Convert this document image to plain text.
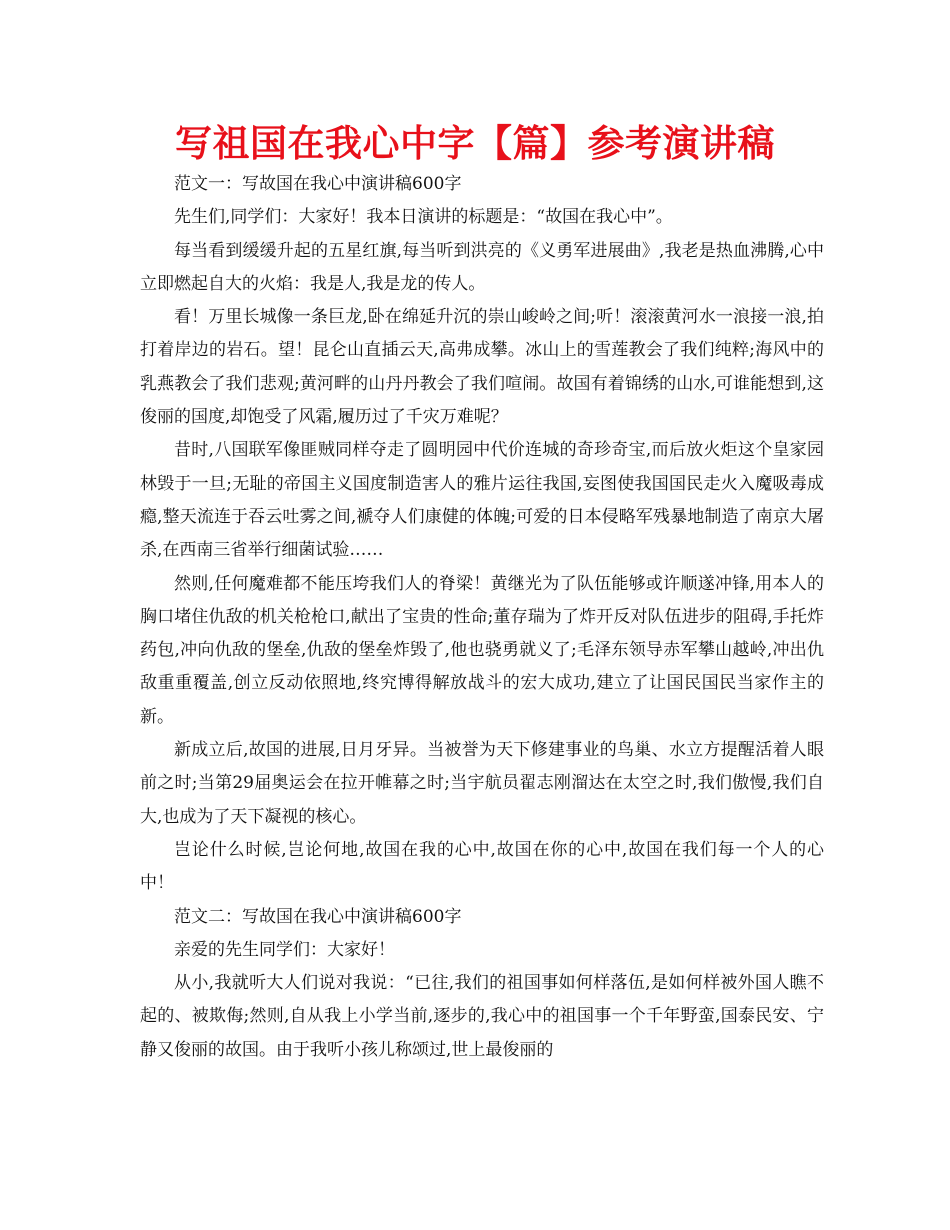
写祖国在我心中字【篇】参考演讲稿

范文一：写故国在我心中演讲稿600字

先生们,同学们：大家好！我本日演讲的标题是：“故国在我心中”。

每当看到缓缓升起的五星红旗,每当听到洪亮的《义勇军进展曲》,我老是热血沸腾,心中立即燃起自大的火焰：我是人,我是龙的传人。

看！万里长城像一条巨龙,卧在绵延升沉的崇山峻岭之间;听！滚滚黄河水一浪接一浪,拍打着岸边的岩石。望！昆仑山直插云天,高弗成攀。冰山上的雪莲教会了我们纯粹;海风中的乳燕教会了我们悲观;黄河畔的山丹丹教会了我们喧闹。故国有着锦绣的山水,可谁能想到,这俊丽的国度,却饱受了风霜,履历过了千灾万难呢？

昔时,八国联军像匪贼同样夺走了圆明园中代价连城的奇珍奇宝,而后放火炬这个皇家园林毁于一旦;无耻的帝国主义国度制造害人的雅片运往我国,妄图使我国国民走火入魔吸毒成瘾,整天流连于吞云吐雾之间,褫夺人们康健的体魄;可爱的日本侵略军残暴地制造了南京大屠杀,在西南三省举行细菌试验……

然则,任何魔难都不能压垮我们人的脊梁！黄继光为了队伍能够或许顺遂冲锋,用本人的胸口堵住仇敌的机关枪枪口,献出了宝贵的性命;董存瑞为了炸开反对队伍进步的阻碍,手托炸药包,冲向仇敌的堡垒,仇敌的堡垒炸毁了,他也骁勇就义了;毛泽东领导赤军攀山越岭,冲出仇敌重重覆盖,创立反动依照地,终究博得解放战斗的宏大成功,建立了让国民国民当家作主的新。

新成立后,故国的进展,日月牙异。当被誉为天下修建事业的鸟巢、水立方提醒活着人眼前之时;当第29届奥运会在拉开帷幕之时;当宇航员翟志刚溜达在太空之时,我们傲慢,我们自大,也成为了天下凝视的核心。

岂论什么时候,岂论何地,故国在我的心中,故国在你的心中,故国在我们每一个人的心中！

范文二：写故国在我心中演讲稿600字

亲爱的先生同学们：大家好！

从小,我就听大人们说对我说：“已往,我们的祖国事如何样落伍,是如何样被外国人瞧不起的、被欺侮;然则,自从我上小学当前,逐步的,我心中的祖国事一个千年野蛮,国泰民安、宁静又俊丽的故国。由于我听小孩儿称颂过,世上最俊丽的
